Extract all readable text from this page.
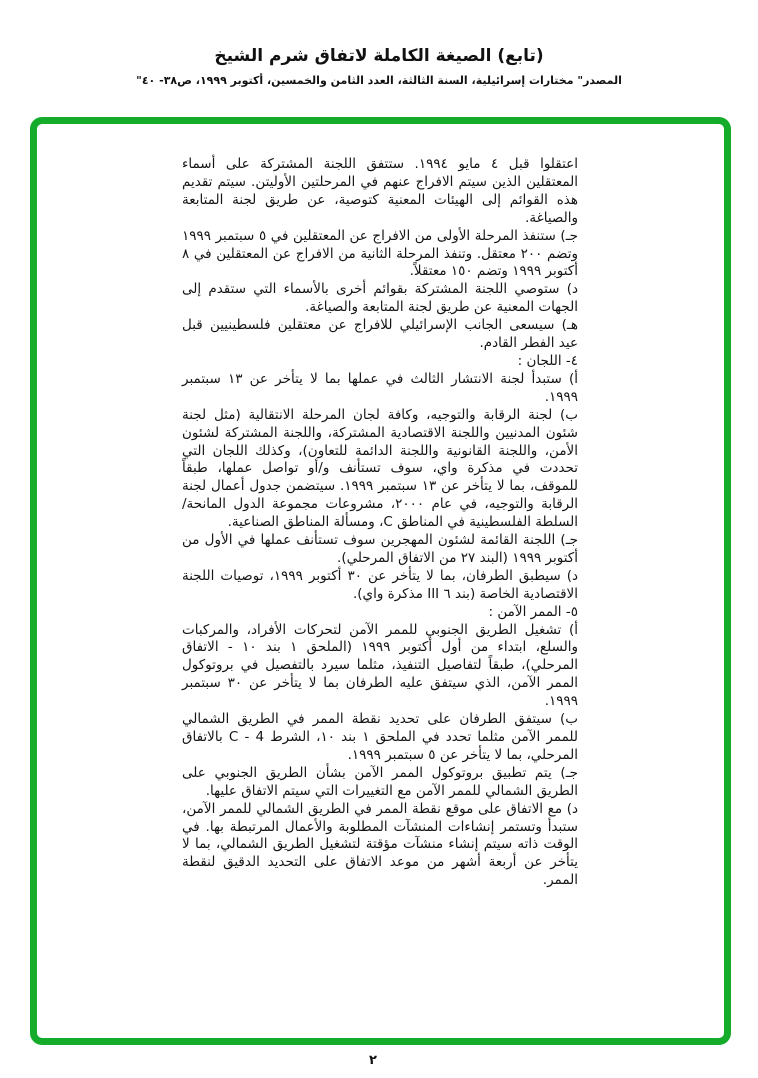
(تابع) الصيغة الكاملة لاتفاق شرم الشيخ
المصدر" مختارات إسرائيلية، السنة الثالثة، العدد الثامن والخمسين، أكتوبر ١٩٩٩، ص٣٨- ٤٠"

اعتقلوا قبل ٤ مايو ١٩٩٤. ستتفق اللجنة المشتركة على أسماء المعتقلين الذين سيتم الافراج عنهم في المرحلتين الأوليتن. سيتم تقديم هذه القوائم إلى الهيئات المعنية كتوصية، عن طريق لجنة المتابعة والصياغة.

جـ) ستنفذ المرحلة الأولى من الافراج عن المعتقلين في ٥ سبتمبر ١٩٩٩ وتضم ٢٠٠ معتقل. وتنفذ المرحلة الثانية من الافراج عن المعتقلين في ٨ أكتوبر ١٩٩٩ وتضم ١٥٠ معتقلاً.

د) ستوصي اللجنة المشتركة بقوائم أخرى بالأسماء التي ستقدم إلى الجهات المعنية عن طريق لجنة المتابعة والصياغة.

هـ) سيسعى الجانب الإسرائيلي للافراج عن معتقلين فلسطينيين قبل عيد الفطر القادم.

٤- اللجان :

أ) ستبدأ لجنة الانتشار الثالث في عملها بما لا يتأخر عن ١٣ سبتمبر ١٩٩٩.

ب) لجنة الرقابة والتوجيه، وكافة لجان المرحلة الانتقالية (مثل لجنة شئون المدنيين واللجنة الاقتصادية المشتركة، واللجنة المشتركة لشئون الأمن، واللجنة القانونية واللجنة الدائمة للتعاون)، وكذلك اللجان التي تحددت في مذكرة واي، سوف تستأنف و/أو تواصل عملها، طبقاً للموقف، بما لا يتأخر عن ١٣ سبتمبر ١٩٩٩. سيتضمن جدول أعمال لجنة الرقابة والتوجيه، في عام ٢٠٠٠، مشروعات مجموعة الدول المانحة/السلطة الفلسطينية في المناطق C، ومسألة المناطق الصناعية.

جـ) اللجنة القائمة لشئون المهجرين سوف تستأنف عملها في الأول من أكتوبر ١٩٩٩ (البند ٢٧ من الاتفاق المرحلي).

د) سيطبق الطرفان، بما لا يتأخر عن ٣٠ أكتوبر ١٩٩٩، توصيات اللجنة الاقتصادية الخاصة (بند ٦ III مذكرة واي).

٥- الممر الآمن :

أ) تشغيل الطريق الجنوبي للممر الآمن لتحركات الأفراد، والمركبات والسلع، ابتداء من أول أكتوبر ١٩٩٩ (الملحق ١ بند ١٠ - الاتفاق المرحلي)، طبقاً لتفاصيل التنفيذ، مثلما سيرد بالتفصيل في بروتوكول الممر الآمن، الذي سيتفق عليه الطرفان بما لا يتأخر عن ٣٠ سبتمبر ١٩٩٩.

ب) سيتفق الطرفان على تحديد نقطة الممر في الطريق الشمالي للممر الآمن مثلما تحدد في الملحق ١ بند ١٠، الشرط C - 4 بالاتفاق المرحلي، بما لا يتأخر عن ٥ سبتمبر ١٩٩٩.

جـ) يتم تطبيق بروتوكول الممر الآمن بشأن الطريق الجنوبي على الطريق الشمالي للممر الآمن مع التغييرات التي سيتم الاتفاق عليها.

د) مع الاتفاق على موقع نقطة الممر في الطريق الشمالي للممر الآمن، ستبدأ وتستمر إنشاءات المنشآت المطلوبة والأعمال المرتبطة بها. في الوقت ذاته سيتم إنشاء منشآت مؤقتة لتشغيل الطريق الشمالي، بما لا يتأخر عن أربعة أشهر من موعد الاتفاق على التحديد الدقيق لنقطة الممر.

٢
